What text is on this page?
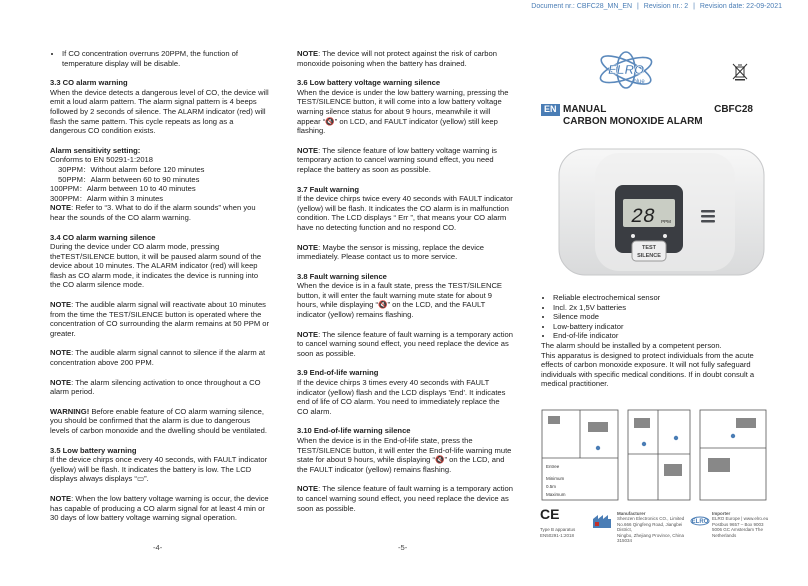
Document nr.: CBFC28_MN_EN | Revision nr.: 2 | Revision date: 22-09-2021
• If CO concentration overruns 20PPM, the function of temperature display will be disable.

3.3 CO alarm warning

When the device detects a dangerous level of CO, the device will emit a loud alarm pattern. The alarm signal pattern is 4 beeps followed by 2 seconds of silence. The ALARM indicator (red) will flash the same pattern. This cycle repeats as long as a dangerous CO condition exists.

Alarm sensitivity setting:

Conforms to EN 50291-1:2018

30PPM：Without alarm before 120 minutes

50PPM：Alarm between 60 to 90 minutes

100PPM：Alarm between 10 to 40 minutes

300PPM：Alarm within 3 minutes

NOTE: Refer to “3. What to do if the alarm sounds” when you hear the sounds of the CO alarm warning.

3.4 CO alarm warning silence

During the device under CO alarm mode, pressing theTEST/SILENCE button, it will be paused alarm sound of the device about 10 minutes. The ALARM indicator (red) will keep flash as CO alarm mode, it indicates the device is running into the CO alarm silence mode.

NOTE: The audible alarm signal will reactivate about 10 minutes from the time the TEST/SILENCE button is operated where the concentration of CO surrounding the alarm remains at 50 PPM or greater.

NOTE: The audible alarm signal cannot to silence if the alarm at concentration above 200 PPM.

NOTE: The alarm silencing activation to once throughout a CO alarm period.

WARNING! Before enable feature of CO alarm warning silence, you should be confirmed that the alarm is due to dangerous levels of carbon monoxide and the dwelling should be ventilated.

3.5 Low battery warning

If the device chirps once every 40 seconds, with FAULT indicator (yellow) will be flash. It indicates the battery is low. The LCD displays always displays “▭”.

NOTE: When the low battery voltage warning is occur, the device has capable of producing a CO alarm signal for at least 4 min or 30 days of low battery voltage warning signal operation.

NOTE: The device will not protect against the risk of carbon monoxide poisoning when the battery has drained.

3.6 Low battery voltage warning silence

When the device is under the low battery warning, pressing the TEST/SILENCE button, it will come into a low battery voltage warning silence status for about 9 hours, meanwhile it will appear “🔇” on LCD, and FAULT indicator (yellow) still keep flashing.

NOTE: The silence feature of low battery voltage warning is temporary action to cancel warning sound effect, you need replace the battery as soon as possible.

3.7 Fault warning

If the device chirps twice every 40 seconds with FAULT indicator (yellow) will be flash. It indicates the CO alarm is in malfunction condition. The LCD displays “ Err ”, that means your CO alarm have no detecting function and no respond CO.

NOTE: Maybe the sensor is missing, replace the device immediately. Please contact us to more service.

3.8 Fault warning silence

When the device is in a fault state, press the TEST/SILENCE button, it will enter the fault warning mute state for about 9 hours, while displaying “🔇” on the LCD, and the FAULT indicator (yellow) remains flashing.

NOTE: The silence feature of fault warning is a temporary action to cancel warning sound effect, you need replace the device as soon as possible.

3.9 End-of-life warning

If the device chirps 3 times every 40 seconds with FAULT indicator (yellow) flash and the LCD displays 'End'. It indicates end of life of CO alarm. You need to immediately replace the CO alarm.

3.10 End-of-life warning silence

When the device is in the End-of-life state, press the TEST/SILENCE button, it will enter the End-of-life warning mute state for about 9 hours, while displaying “🔇” on the LCD, and the FAULT indicator (yellow) remains flashing.

NOTE: The silence feature of fault warning is a temporary action to cancel warning sound effect, you need replace the device as soon as possible.

-4-	-5-
ELRO
blue
EN MANUAL	CBFC28
CARBON MONOXIDE ALARM
28 PPM
TEST
SILENCE
• Reliable electrochemical sensor
• Incl. 2x 1,5V batteries
• Silence mode
• Low-battery indicator
• End-of-life indicator

The alarm should be installed by a competent person.

This apparatus is designed to protect individuals from the acute effects of carbon monoxide exposure. It will not fully safeguard individuals with specific medical conditions. If in doubt consult a medical practitioner.

Entree
Minimum
0.5m
Maximum
CE
Type B apparatus
EN50291-1:2018
Manufacturer
Shenzen Electronics CO., Limited
No.666 Qingfeng Road, Jiangbei District,
Ningbo, Zhejiang Province, China 315034
ELRO
Importer
ELRO Europe | www.elro.eu
Postbus 9657 – Box 9003
5006 GC Amsterdam The Netherlands
